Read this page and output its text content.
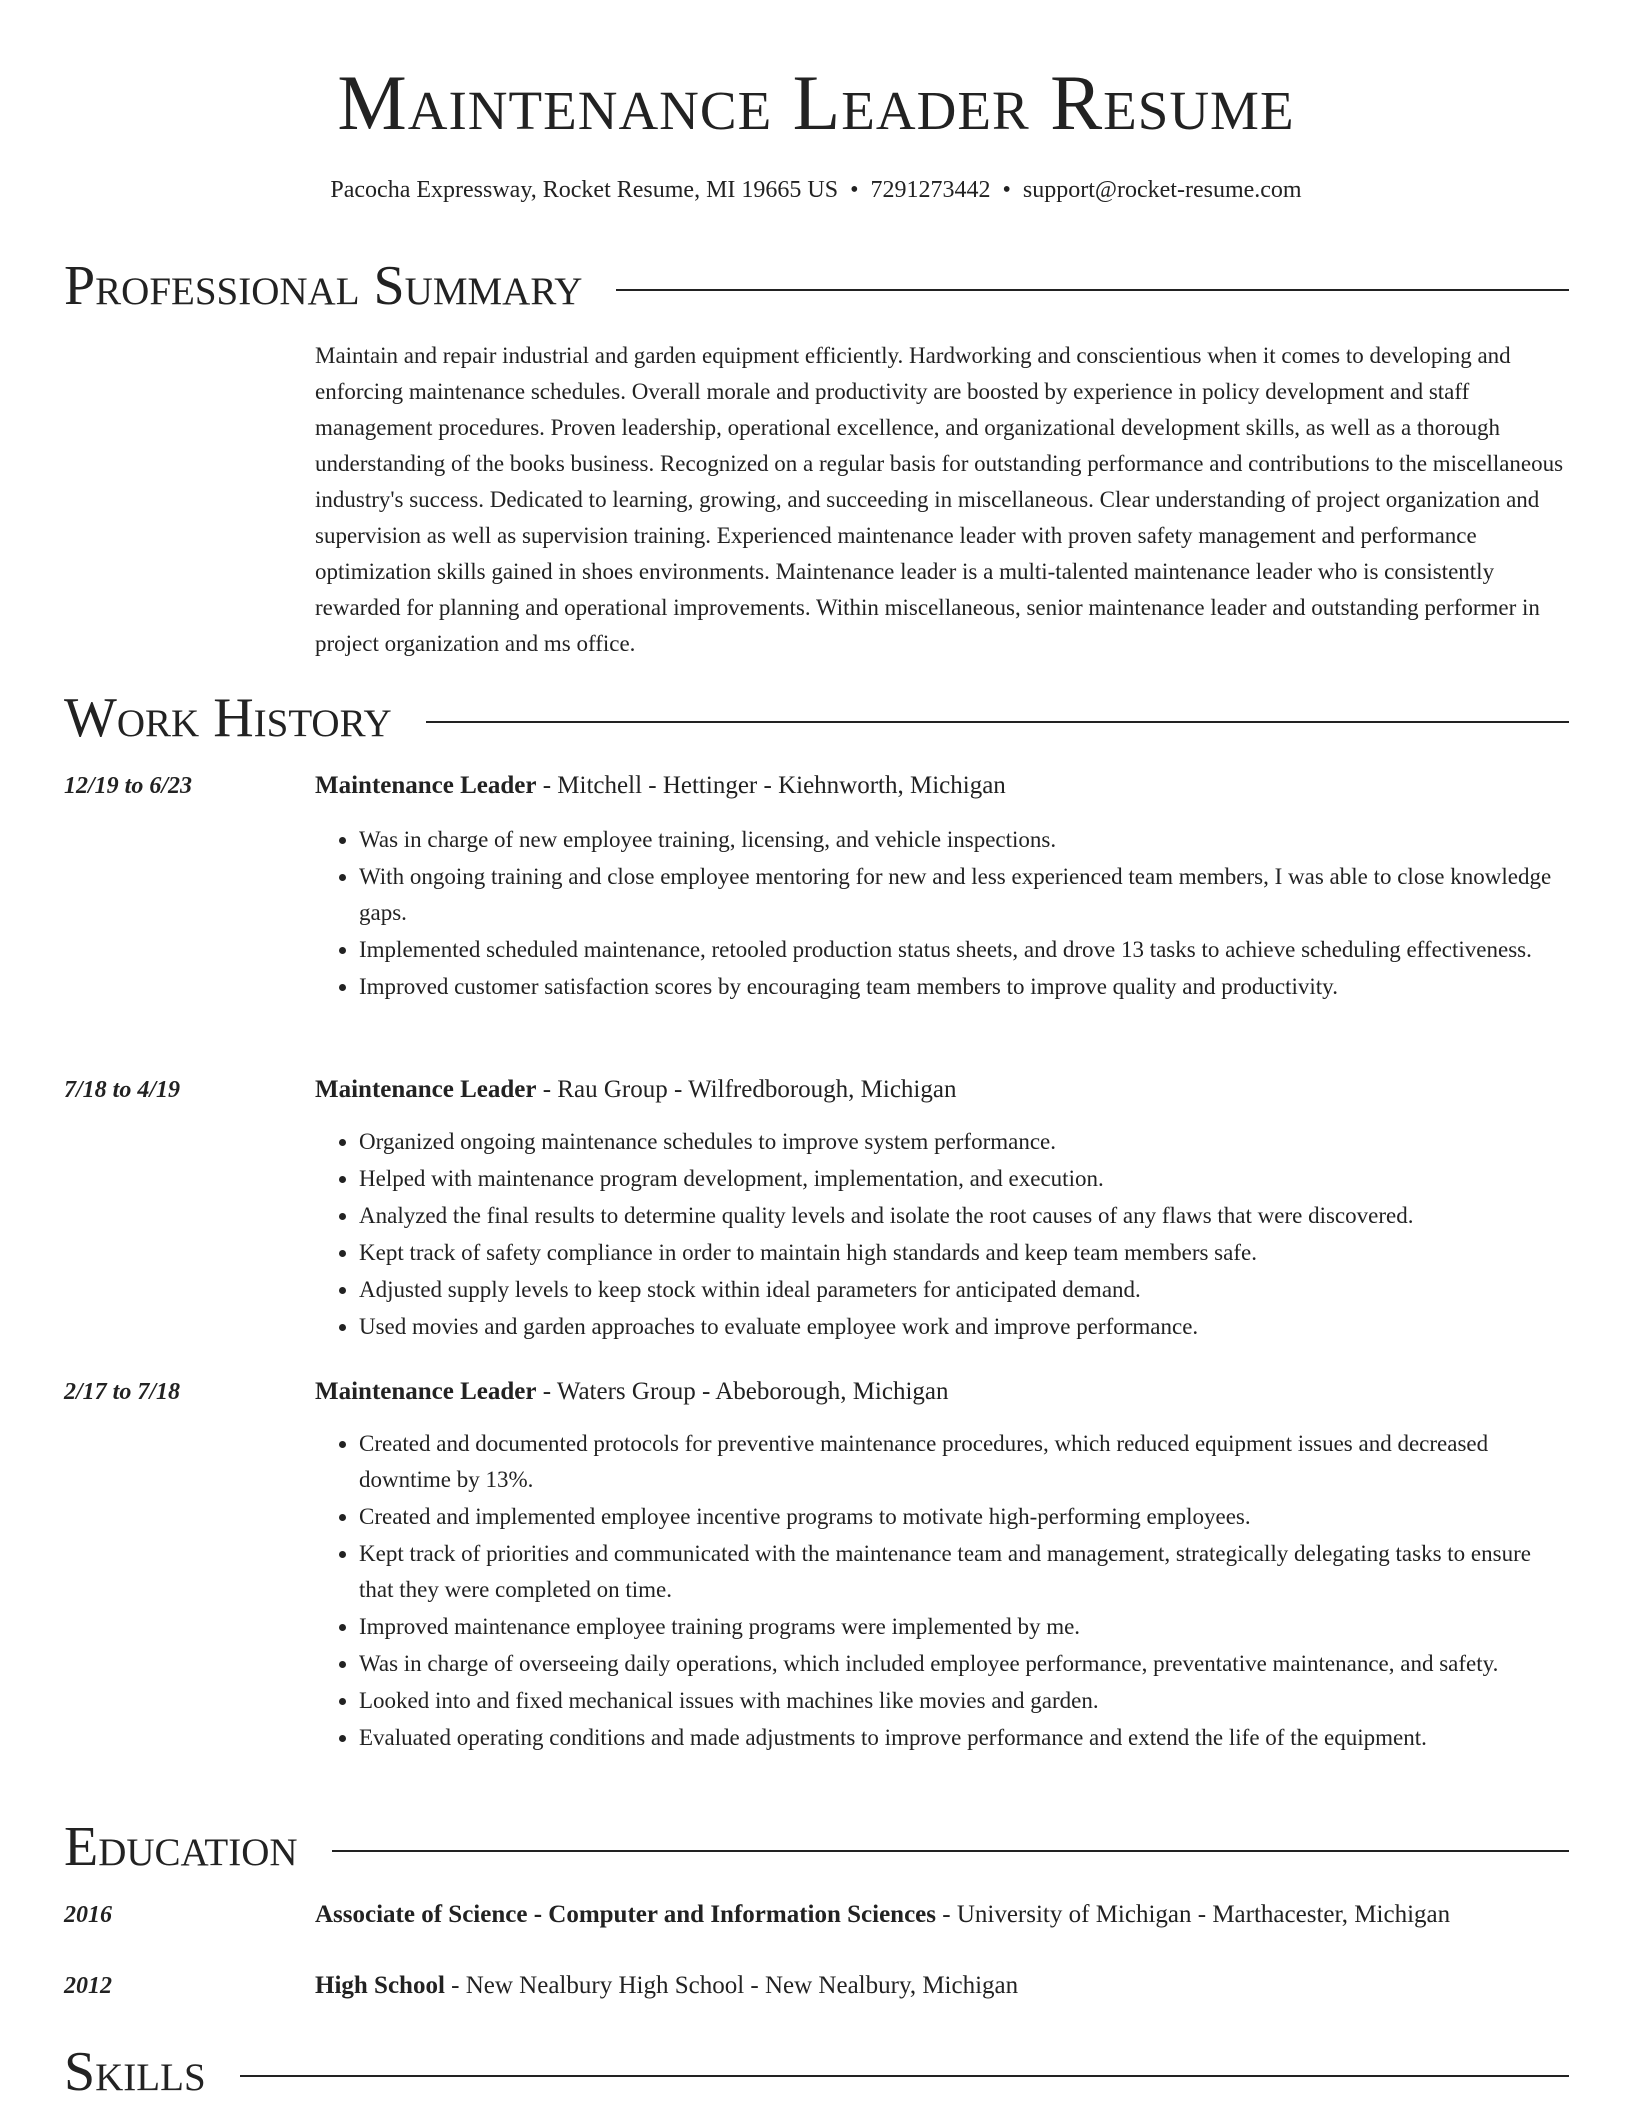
Maintenance Leader Resume
Pacocha Expressway, Rocket Resume, MI 19665 US • 7291273442 • support@rocket-resume.com
Professional Summary

Maintain and repair industrial and garden equipment efficiently. Hardworking and conscientious when it comes to developing and enforcing maintenance schedules. Overall morale and productivity are boosted by experience in policy development and staff management procedures. Proven leadership, operational excellence, and organizational development skills, as well as a thorough understanding of the books business. Recognized on a regular basis for outstanding performance and contributions to the miscellaneous industry's success. Dedicated to learning, growing, and succeeding in miscellaneous. Clear understanding of project organization and supervision as well as supervision training. Experienced maintenance leader with proven safety management and performance optimization skills gained in shoes environments. Maintenance leader is a multi-talented maintenance leader who is consistently rewarded for planning and operational improvements. Within miscellaneous, senior maintenance leader and outstanding performer in project organization and ms office.

Work History
12/19 to 6/23	Maintenance Leader - Mitchell - Hettinger - Kiehnworth, Michigan
• Was in charge of new employee training, licensing, and vehicle inspections.
• With ongoing training and close employee mentoring for new and less experienced team members, I was able to close knowledge gaps.
• Implemented scheduled maintenance, retooled production status sheets, and drove 13 tasks to achieve scheduling effectiveness.
• Improved customer satisfaction scores by encouraging team members to improve quality and productivity.
7/18 to 4/19	Maintenance Leader - Rau Group - Wilfredborough, Michigan
• Organized ongoing maintenance schedules to improve system performance.
• Helped with maintenance program development, implementation, and execution.
• Analyzed the final results to determine quality levels and isolate the root causes of any flaws that were discovered.
• Kept track of safety compliance in order to maintain high standards and keep team members safe.
• Adjusted supply levels to keep stock within ideal parameters for anticipated demand.
• Used movies and garden approaches to evaluate employee work and improve performance.
2/17 to 7/18	Maintenance Leader - Waters Group - Abeborough, Michigan
• Created and documented protocols for preventive maintenance procedures, which reduced equipment issues and decreased downtime by 13%.
• Created and implemented employee incentive programs to motivate high-performing employees.
• Kept track of priorities and communicated with the maintenance team and management, strategically delegating tasks to ensure that they were completed on time.
• Improved maintenance employee training programs were implemented by me.
• Was in charge of overseeing daily operations, which included employee performance, preventative maintenance, and safety.
• Looked into and fixed mechanical issues with machines like movies and garden.
• Evaluated operating conditions and made adjustments to improve performance and extend the life of the equipment.
Education
2016	Associate of Science - Computer and Information Sciences - University of Michigan - Marthacester, Michigan
2012	High School - New Nealbury High School - New Nealbury, Michigan
Skills
